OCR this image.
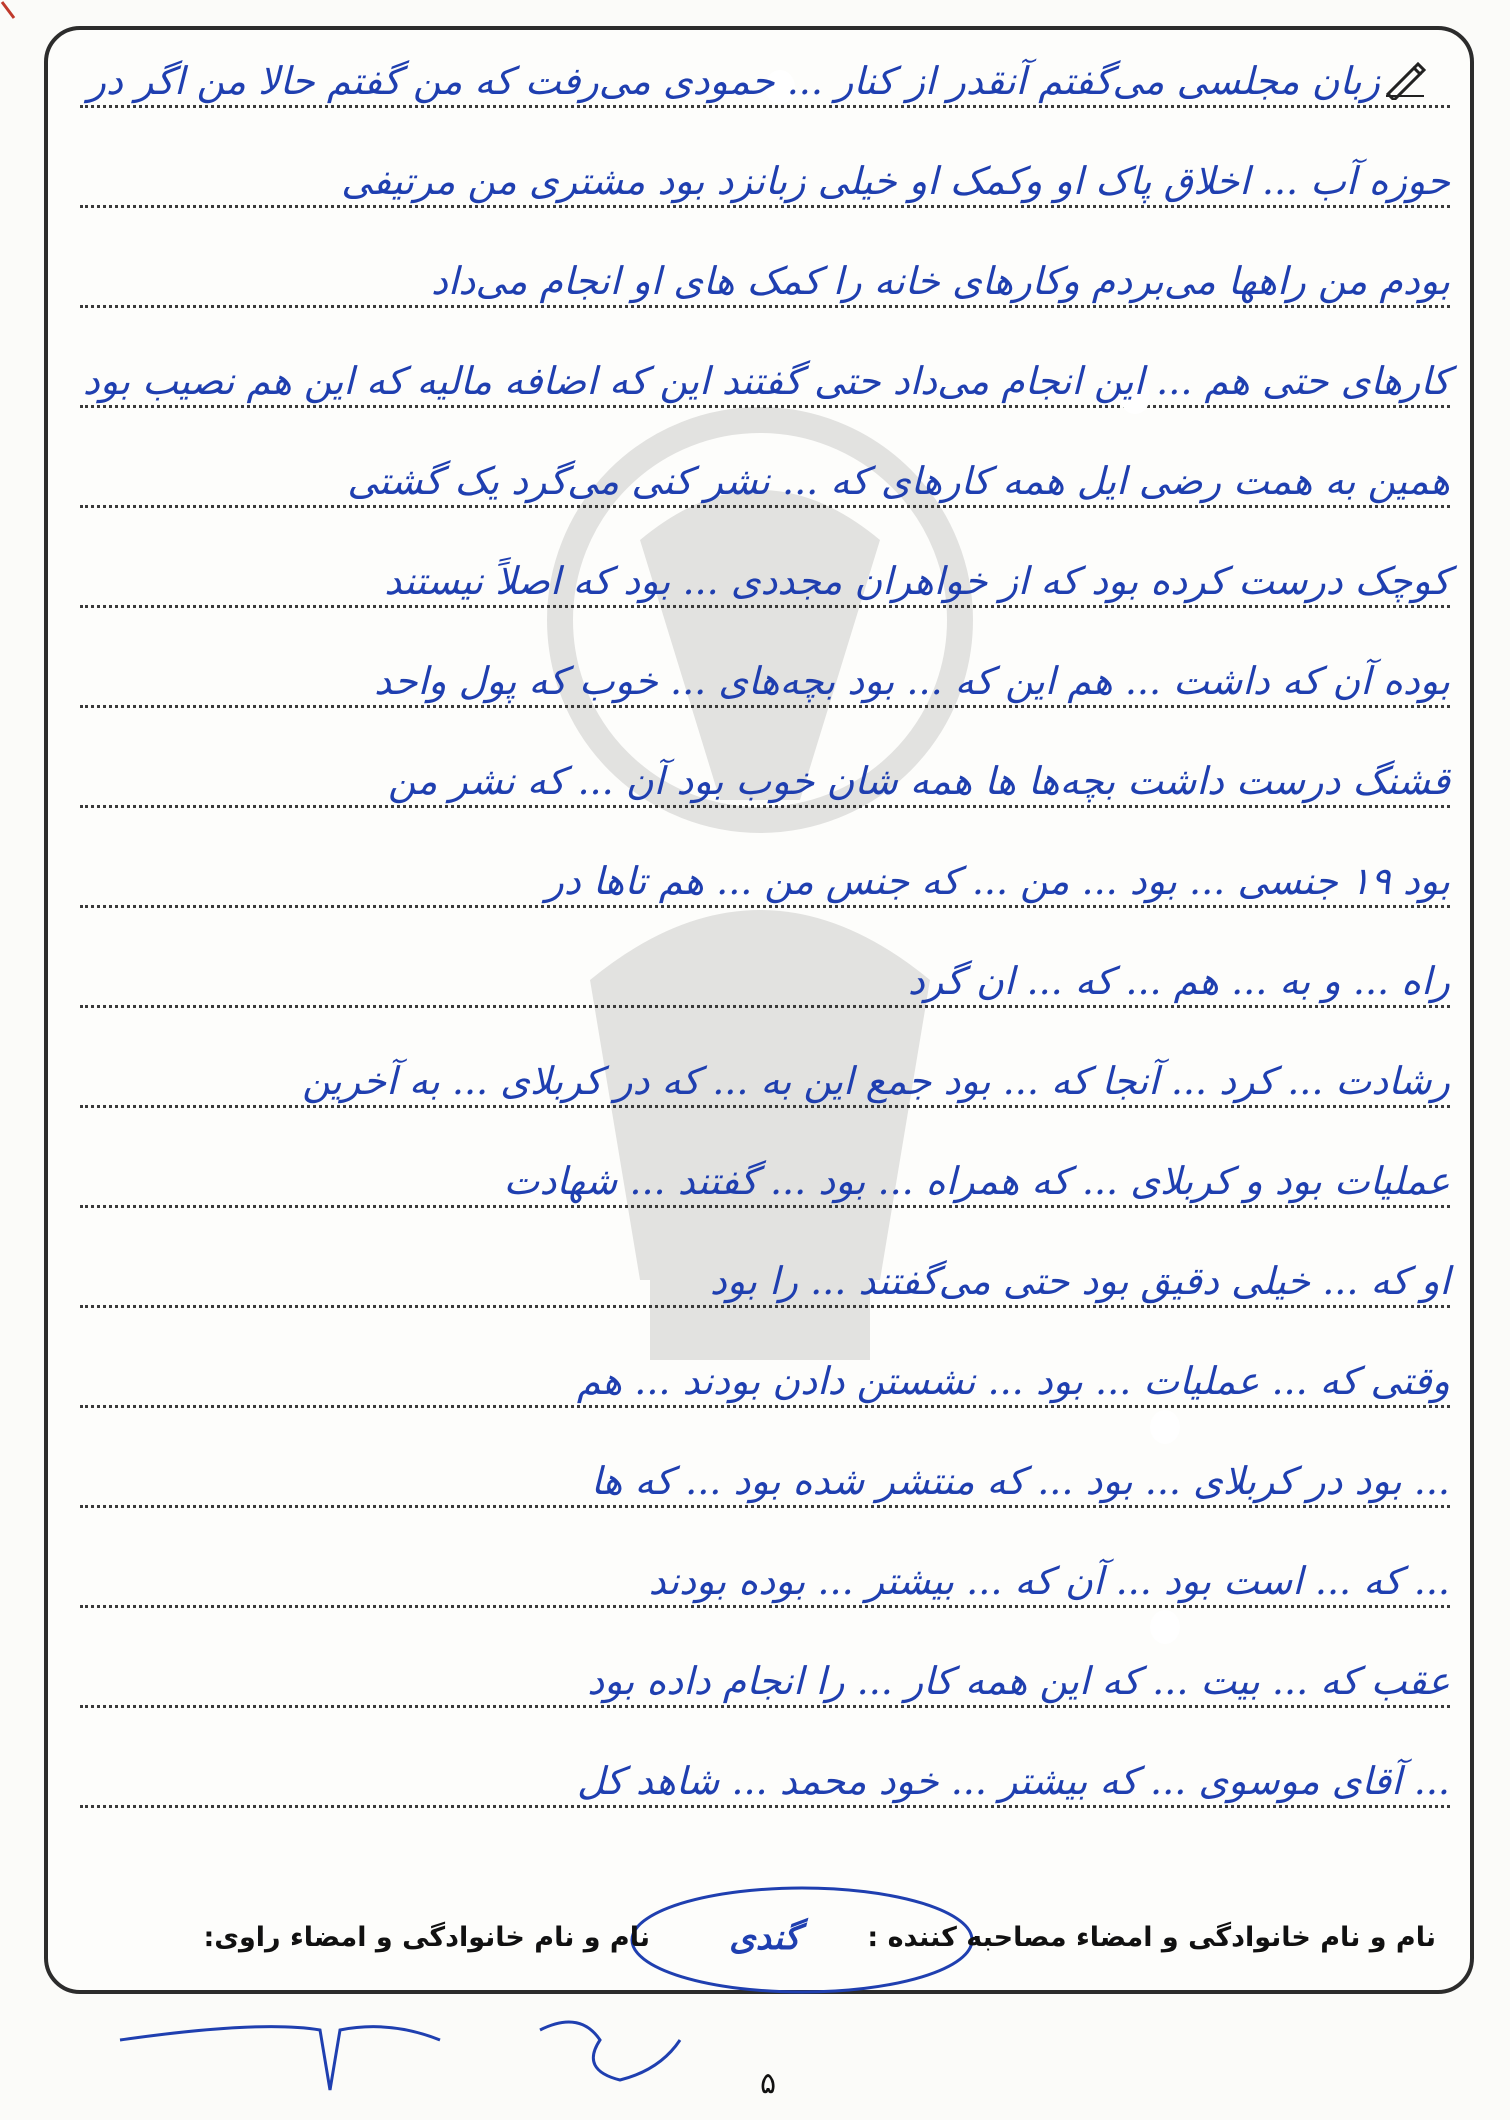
زبان مجلسی می‌گفتم آنقدر از کنار ... حمودی می‌رفت که من گفتم حالا من اگر در
حوزه آب ... اخلاق پاک او وکمک او خیلی زبانزد بود مشتری من مرتیفی
بودم من راهها می‌بردم وکارهای خانه را کمک های او انجام می‌داد
کارهای حتی هم ... این انجام می‌داد حتی گفتند این که اضافه مالیه که این هم نصیب بود
همین به همت رضی ایل همه کارهای که ... نشر کنی می‌گرد یک گشتی
کوچک درست کرده بود که از خواهران مجددی ... بود که اصلاً نیستند
بوده آن که داشت ... هم این که ... بود بچه‌های ... خوب که پول واحد
قشنگ درست داشت بچه‌ها ها همه شان خوب بود آن ... که نشر من
بود ۱۹ جنسی ... بود ... من ... که جنس من ... هم تاها در
راه ... و به ... هم ... که ... ان گرد
رشادت ... کرد ... آنجا که ... بود جمع این به ... که در کربلای ... به آخرین
عملیات بود و کربلای ... که همراه ... بود ... گفتند ... شهادت
او که ... خیلی دقیق بود حتی می‌گفتند ... را بود
وقتی که ... عملیات ... بود ... نشستن دادن بودند ... هم
... بود در کربلای ... بود ... که منتشر شده بود ... که ها
... که ... است بود ... آن که ... بیشتر ... بوده بودند
عقب که ... بیت ... که این همه کار ... را انجام داده بود
... آقای موسوی ... که بیشتر ... خود محمد ... شاهد کل
نام و نام خانوادگی و امضاء مصاحبه کننده :
گندی
نام و نام خانوادگی و امضاء راوی:
۵
